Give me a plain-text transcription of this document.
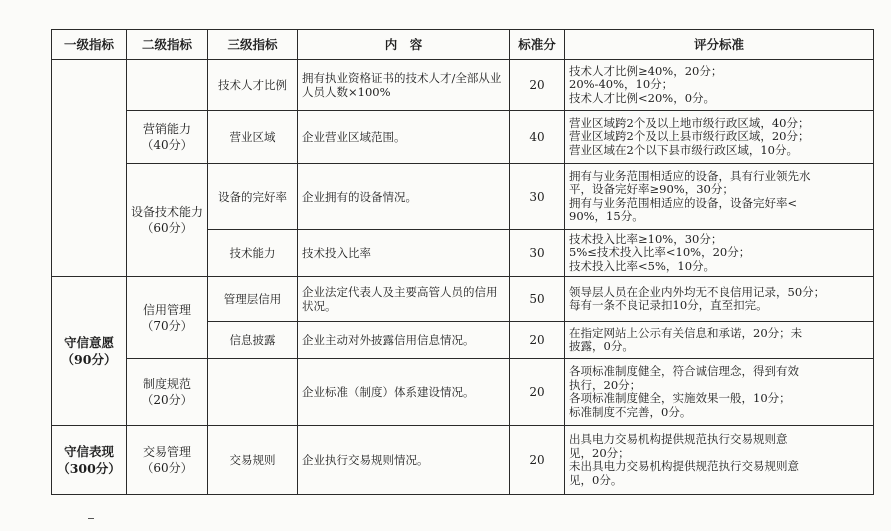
一级指标	二级指标	三级指标	内　容	标准分	评分标准
		技术人才比例	拥有执业资格证书的技术人才/全部从业人员人数×100%	20	技术人才比例≥40%，20分；
20%-40%，10分；
技术人才比例<20%，0分。

	营销能力
（40分）	营业区域	企业营业区域范围。	40	营业区域跨2个及以上地市级行政区域，40分；
营业区域跨2个及以上县市级行政区域，20分；
营业区域在2个以下县市级行政区域，10分。

	设备技术能力
（60分）	设备的完好率	企业拥有的设备情况。	30	拥有与业务范围相适应的设备，具有行业领先水
平，设备完好率≥90%，30分；
拥有与业务范围相适应的设备，设备完好率<
90%，15分。

		技术能力	技术投入比率	30	技术投入比率≥10%，30分；
5%≤技术投入比率<10%，20分；
技术投入比率<5%，10分。

守信意愿
（90分）	信用管理
（70分）	管理层信用	企业法定代表人及主要高管人员的信用状况。	50	领导层人员在企业内外均无不良信用记录，50分；
每有一条不良记录扣10分，直至扣完。

		信息披露	企业主动对外披露信用信息情况。	20	在指定网站上公示有关信息和承诺，20分；未
披露，0分。

	制度规范
（20分）		企业标准（制度）体系建设情况。	20	各项标准制度健全，符合诚信理念，得到有效
执行，20分；
各项标准制度健全，实施效果一般，10分；
标准制度不完善，0分。

守信表现
（300分）	交易管理
（60分）	交易规则	企业执行交易规则情况。	20	出具电力交易机构提供规范执行交易规则意
见，20分；
未出具电力交易机构提供规范执行交易规则意
见，0分。
